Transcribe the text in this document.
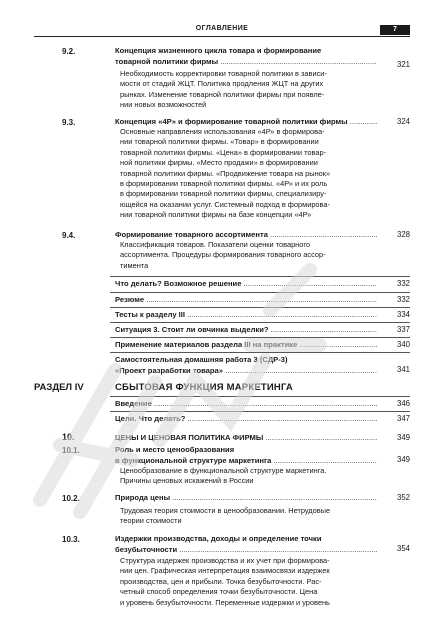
ОГЛАВЛЕНИЕ	7
9.2.	Концепция жизненного цикла товара и формирование
товарной политики фирмы .....	321
Необходимость корректировки товарной политики в зависи-
мости от стадий ЖЦТ. Политика продления ЖЦТ на других
рынках. Изменение товарной политики фирмы при появле-
нии новых возможностей
9.3.	Концепция «4Р» и формирование товарной политики фирмы .....	324
Основные направления использования «4Р» в формирова-
нии товарной политики фирмы. «Товар» в формировании
товарной политики фирмы. «Цена» в формировании товар-
ной политики фирмы. «Место продажи» в формировании
товарной политики фирмы. «Продвижение товара на рынок»
в формировании товарной политики фирмы. «4Р» и их роль
в формировании товарной политики фирмы, специализиру-
ющейся на оказании услуг. Системный подход в формирова-
нии товарной политики фирмы на базе концепции «4Р»
9.4.	Формирование товарного ассортимента .....	328
Классификация товаров. Показатели оценки товарного
ассортимента. Процедуры формирования товарного ассор-
тимента
Что делать? Возможное решение .....	332
Резюме .....	332
Тесты к разделу III .....	334
Ситуация 3. Стоит ли овчинка выделки? .....	337
Применение материалов раздела III на практике .....	340
Самостоятельная домашняя работа 3 (СДР-3)
«Проект разработки товара» .....	341
РАЗДЕЛ IV	СБЫТОВАЯ ФУНКЦИЯ МАРКЕТИНГА
Введение .....	346
Цели. Что делать? .....	347
10.	ЦЕНЫ И ЦЕНОВАЯ ПОЛИТИКА ФИРМЫ .....	349
10.1.	Роль и место ценообразования
в функциональной структуре маркетинга .....	349
Ценообразование в функциональной структуре маркетинга.
Причины ценовых искажений в России
10.2.	Природа цены .....	352
Трудовая теория стоимости в ценообразовании. Нетрудовые
теории стоимости
10.3.	Издержки производства, доходы и определение точки
безубыточности .....	354
Структура издержек производства и их учет при формирова-
нии цен. Графическая интерпретация взаимосвязи издержек
производства, цен и прибыли. Точка безубыточности. Рас-
четный способ определения точки безубыточности. Цена
и уровень безубыточности. Переменные издержки и уровень
